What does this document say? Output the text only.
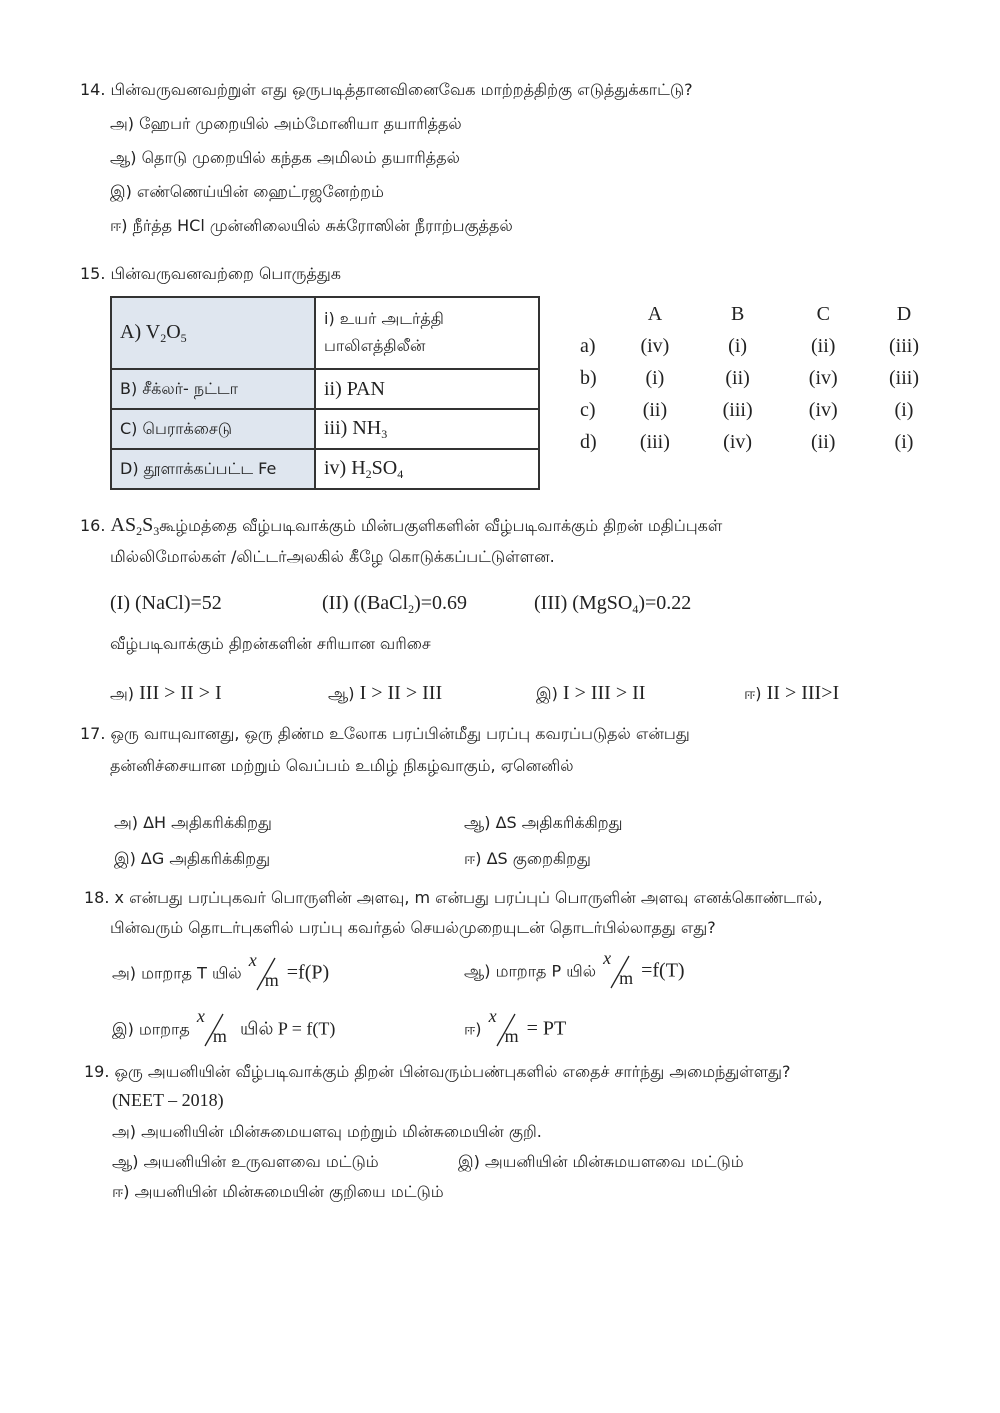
14. பின்வருவனவற்றுள் எது ஒருபடித்தானவினைவேக மாற்றத்திற்கு எடுத்துக்காட்டு?
அ) ஹேபர் முறையில் அம்மோனியா தயாரித்தல்
ஆ) தொடு முறையில் கந்தக அமிலம் தயாரித்தல்
இ) எண்ணெய்யின் ஹைட்ரஜனேற்றம்
ஈ) நீர்த்த HCl முன்னிலையில் சுக்ரோஸின் நீராற்பகுத்தல்
15. பின்வருவனவற்றை பொருத்துக
A) $V_2O_5$	i) உயர் அடர்த்தி
பாலிஎத்திலீன்

B) சீக்லர்- நட்டா	ii) PAN
C) பெராக்சைடு	iii) $NH_3$
D) தூளாக்கப்பட்ட Fe	iv) $H_2SO_4$
A	B	C	D
a)	(iv)	(i)	(ii)	(iii)
b)	(i)	(ii)	(iv)	(iii)
c)	(ii)	(iii)	(iv)	(i)
d)	(iii)	(iv)	(ii)	(i)
16. $AS_2S_3கூழ்மத்தை$ வீழ்படிவாக்கும் மின்பகுளிகளின் வீழ்படிவாக்கும் திறன் மதிப்புகள்
மில்லிமோல்கள் /லிட்டர்அலகில் கீழே கொடுக்கப்பட்டுள்ளன.
(I) (NaCl)=52	(II) ((BaCl$_2$)=0.69	(III) (MgSO$_4$)=0.22
வீழ்படிவாக்கும் திறன்களின் சரியான வரிசை
அ) III > II > I	ஆ) I > II > III	இ) I > III > II	ஈ) II > III>I
17. ஒரு வாயுவானது, ஒரு திண்ம உலோக பரப்பின்மீது பரப்பு கவரப்படுதல் என்பது
தன்னிச்சையான மற்றும் வெப்பம் உமிழ் நிகழ்வாகும், ஏனெனில்
அ) ΔH அதிகரிக்கிறது	ஆ) ΔS அதிகரிக்கிறது
இ) ΔG அதிகரிக்கிறது	ஈ) ΔS குறைகிறது
18. x என்பது பரப்புகவர் பொருளின் அளவு, m என்பது பரப்புப் பொருளின் அளவு எனக்கொண்டால்,
பின்வரும் தொடர்புகளில் பரப்பு கவர்தல் செயல்முறையுடன் தொடர்பில்லாதது எது?
அ) மாறாத T யில்
x
m =f(P)	ஆ) மாறாத P யில்
x
m =f(T)
இ) மாறாத
x
m யில் P = f(T)	ஈ)
x
m = PT
19. ஒரு அயனியின் வீழ்படிவாக்கும் திறன் பின்வரும்பண்புகளில் எதைச் சார்ந்து அமைந்துள்ளது?
(NEET – 2018)
அ) அயனியின் மின்சுமையளவு மற்றும் மின்சுமையின் குறி.
ஆ) அயனியின் உருவளவை மட்டும்	இ) அயனியின் மின்சுமயளவை மட்டும்
ஈ) அயனியின் மின்சுமையின் குறியை மட்டும்
